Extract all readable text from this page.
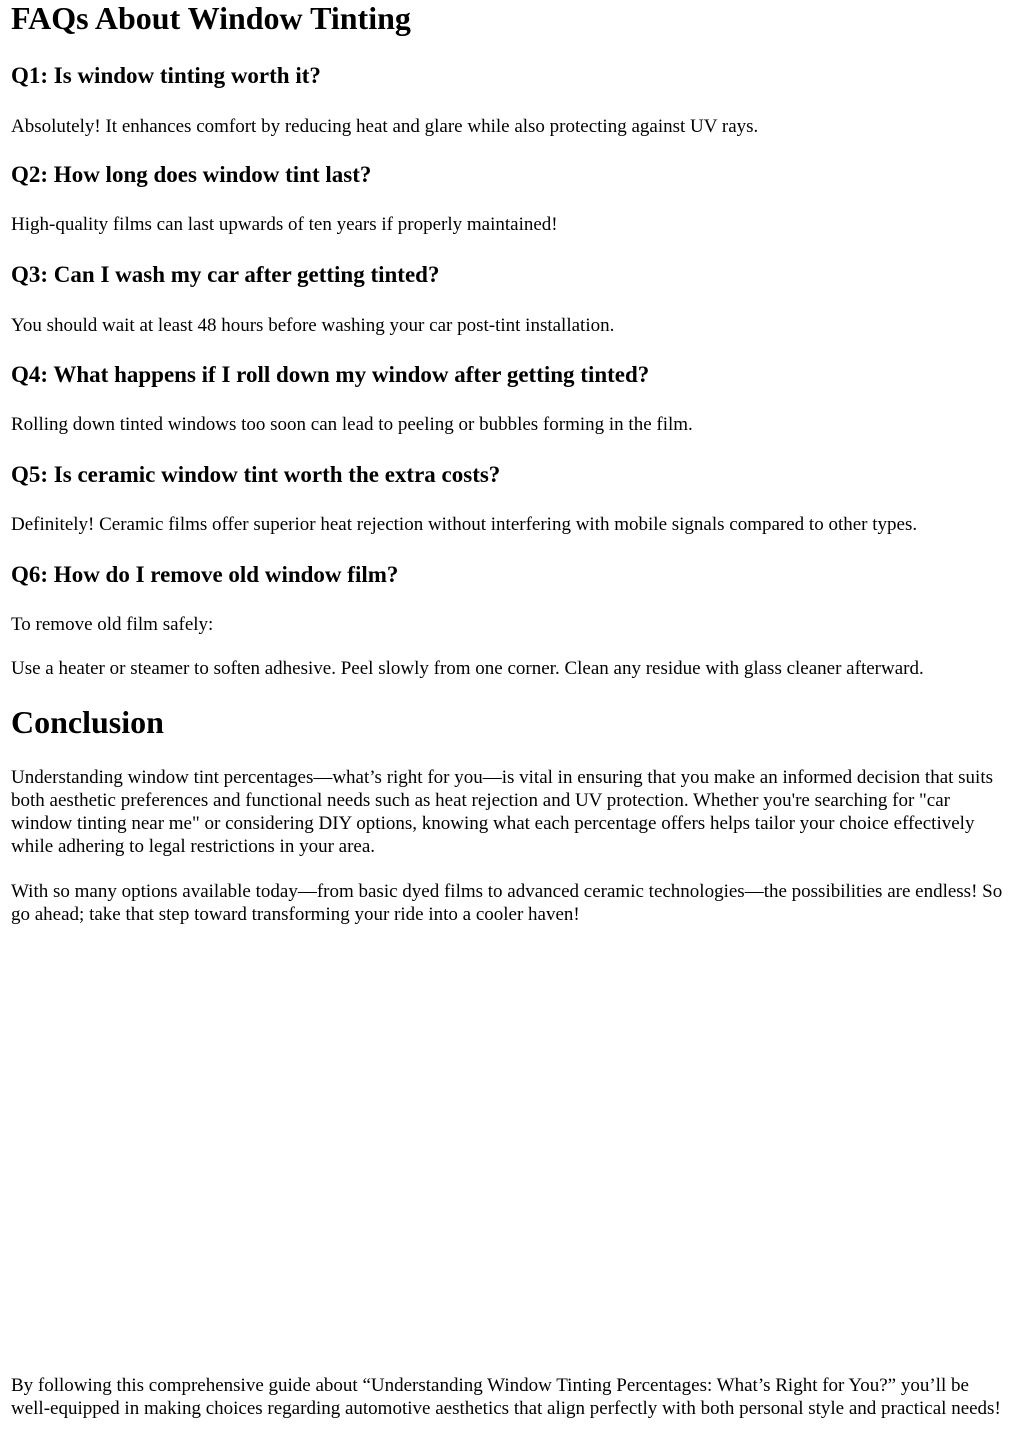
FAQs About Window Tinting
Q1: Is window tinting worth it?

Absolutely! It enhances comfort by reducing heat and glare while also protecting against UV rays.

Q2: How long does window tint last?

High-quality films can last upwards of ten years if properly maintained!

Q3: Can I wash my car after getting tinted?

You should wait at least 48 hours before washing your car post-tint installation.

Q4: What happens if I roll down my window after getting tinted?

Rolling down tinted windows too soon can lead to peeling or bubbles forming in the film.

Q5: Is ceramic window tint worth the extra costs?

Definitely! Ceramic films offer superior heat rejection without interfering with mobile signals compared to other types.

Q6: How do I remove old window film?

To remove old film safely:

Use a heater or steamer to soften adhesive. Peel slowly from one corner. Clean any residue with glass cleaner afterward.

Conclusion

Understanding window tint percentages—what’s right for you—is vital in ensuring that you make an informed decision that suits both aesthetic preferences and functional needs such as heat rejection and UV protection. Whether you're searching for "car window tinting near me" or considering DIY options, knowing what each percentage offers helps tailor your choice effectively while adhering to legal restrictions in your area.

With so many options available today—from basic dyed films to advanced ceramic technologies—the possibilities are endless! So go ahead; take that step toward transforming your ride into a cooler haven!

By following this comprehensive guide about “Understanding Window Tinting Percentages: What’s Right for You?” you’ll be well-equipped in making choices regarding automotive aesthetics that align perfectly with both personal style and practical needs!
